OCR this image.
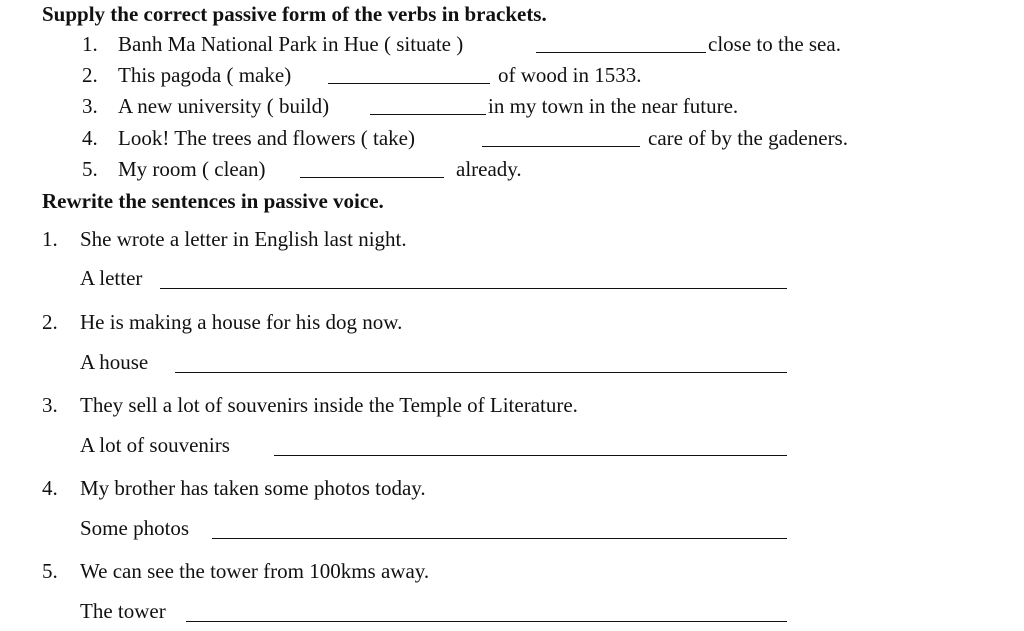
Supply the correct passive form of the verbs in brackets.
1. Banh Ma National Park in Hue ( situate )	close to the sea.
2. This pagoda ( make)	of wood in 1533.
3. A new university ( build)	in my town in the near future.
4. Look! The trees and flowers ( take)	care of by the gadeners.
5. My room ( clean)	already.
Rewrite the sentences in passive voice.
1. She wrote a letter in English last night.
A letter
2. He is making a house for his dog now.
A house
3. They sell a lot of souvenirs inside the Temple of Literature.
A lot of souvenirs
4. My brother has taken some photos today.
Some photos
5. We can see the tower from 100kms away.
The tower
